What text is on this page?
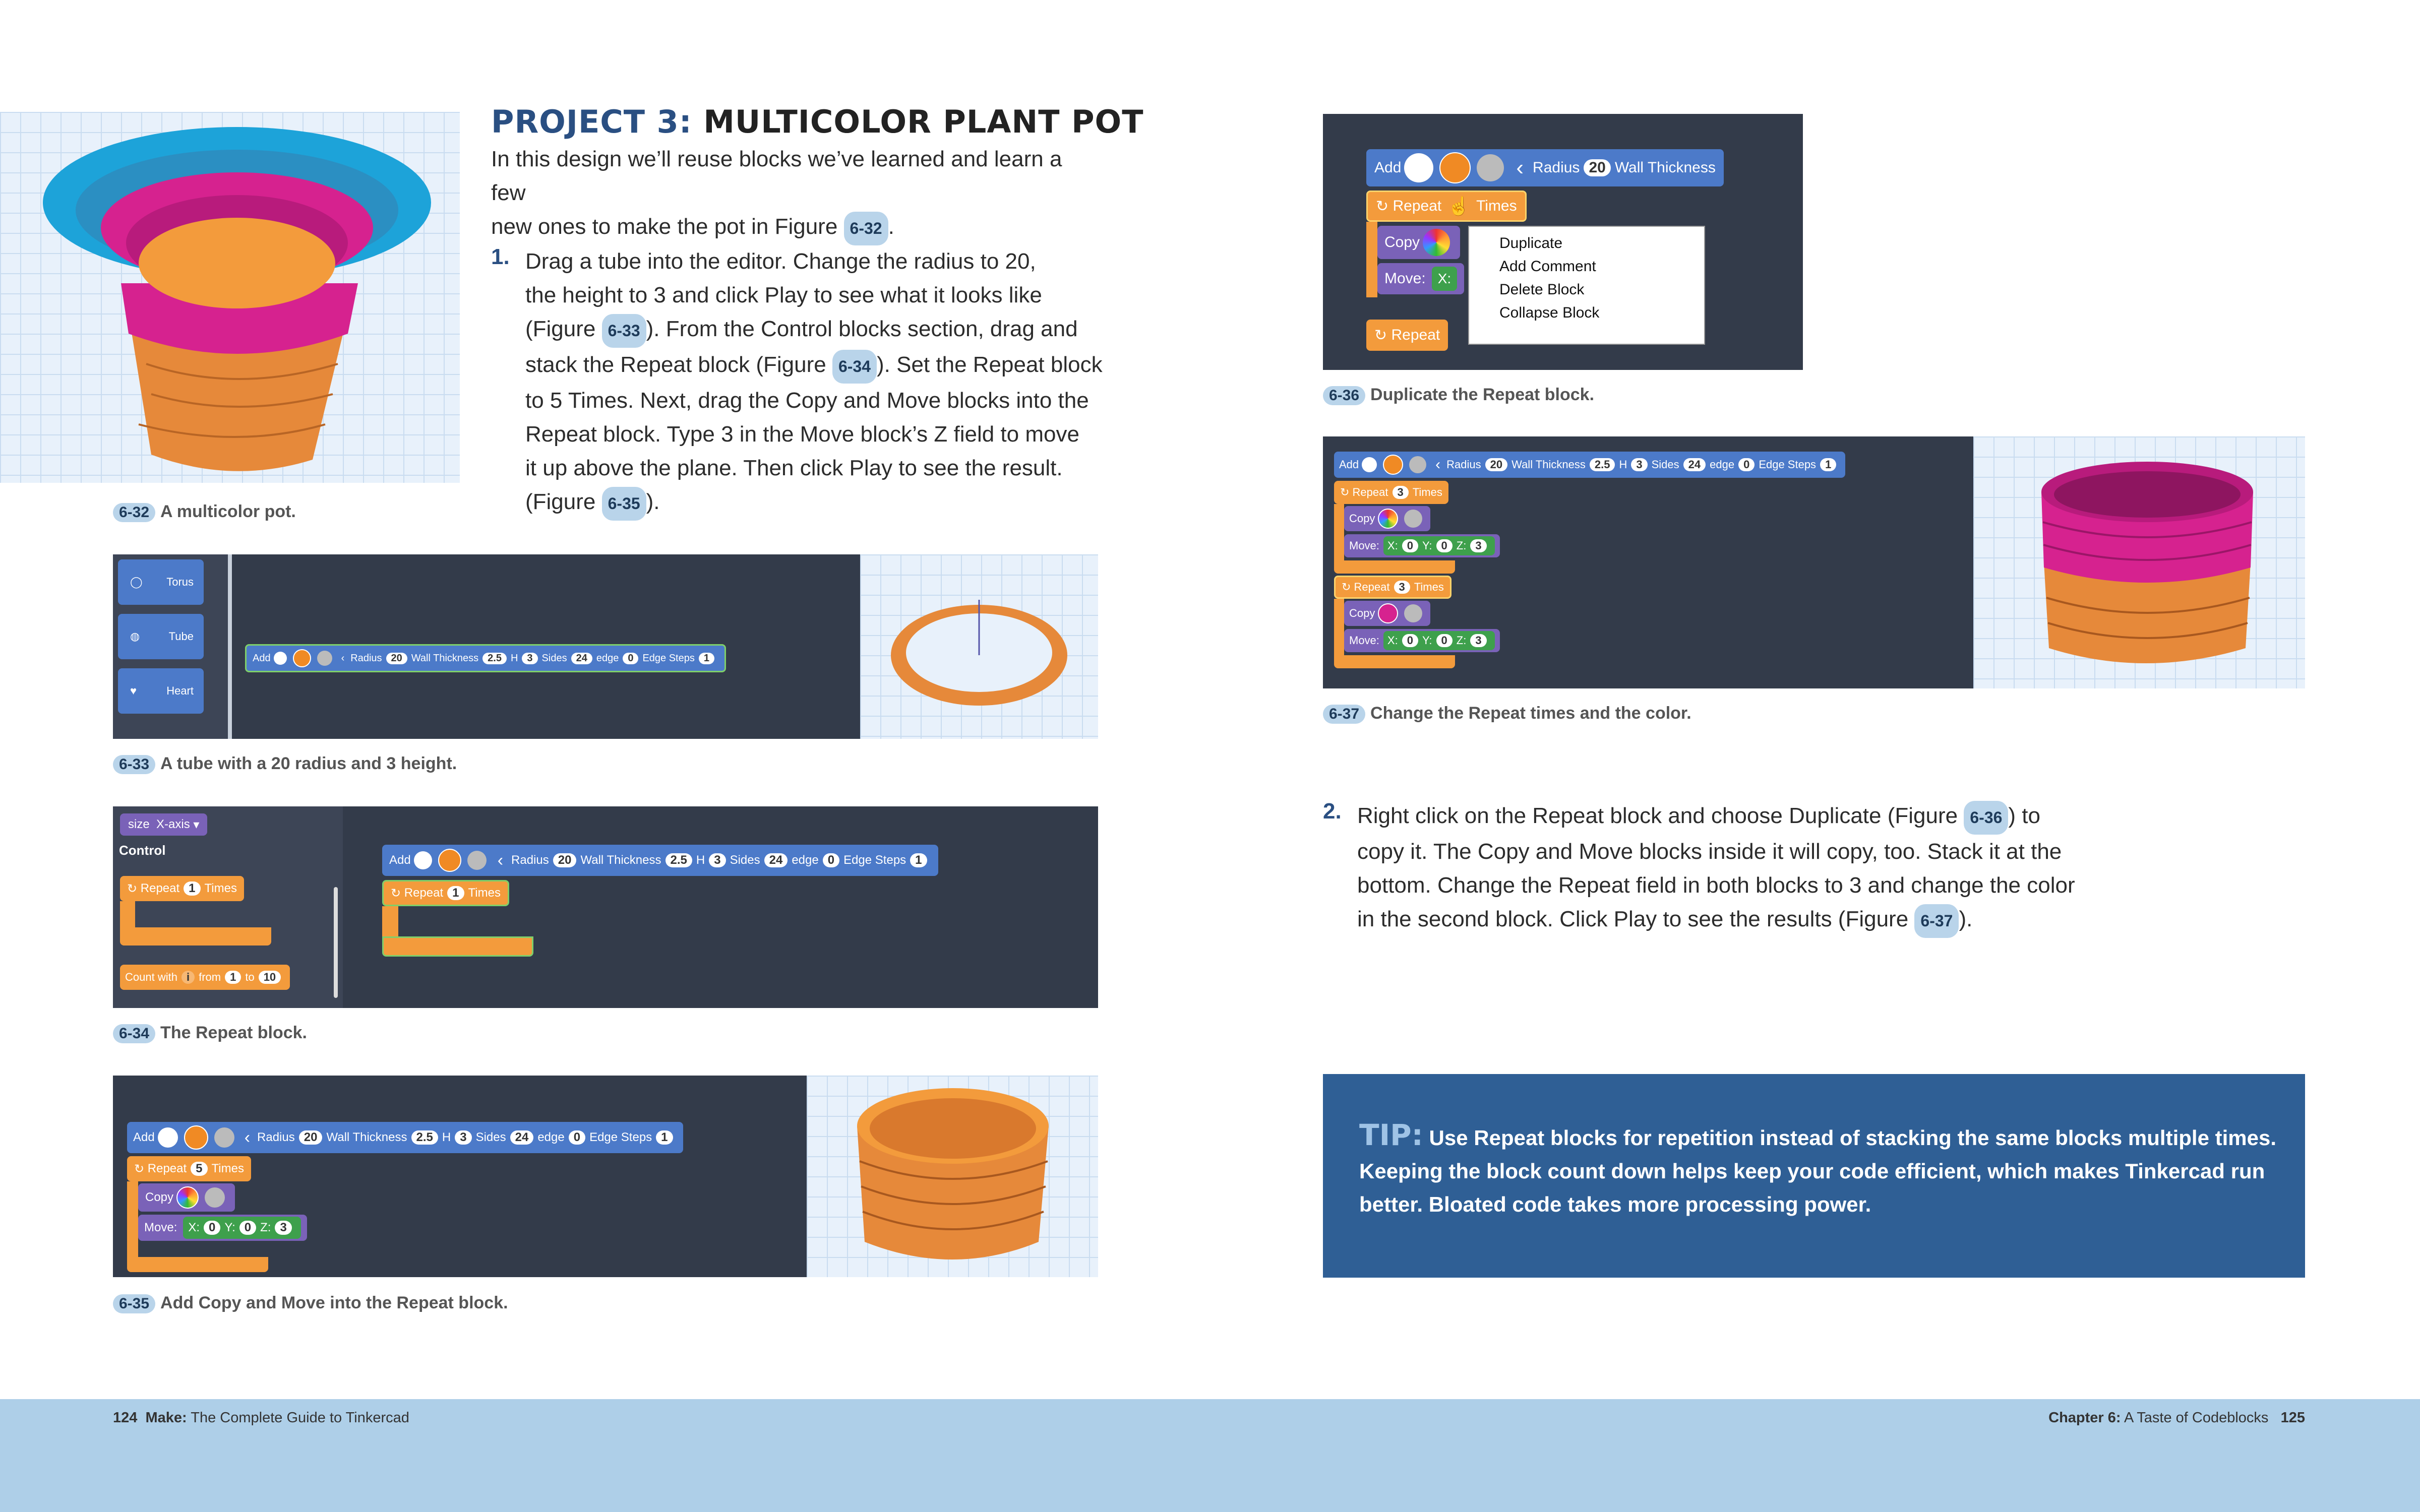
6-32 A multicolor pot.
PROJECT 3: MULTICOLOR PLANT POT
In this design we’ll reuse blocks we’ve learned and learn a few
new ones to make the pot in Figure 6-32 .
1. Drag a tube into the editor. Change the radius to 20,
the height to 3 and click Play to see what it looks like
(Figure 6-33 ). From the Control blocks section, drag and
stack the Repeat block (Figure 6-34 ). Set the Repeat block
to 5 Times. Next, drag the Copy and Move blocks into the
Repeat block. Type 3 in the Move block’s Z field to move
it up above the plane. Then click Play to see the result.
(Figure 6-35 ).
◯ Torus
◍	Tube
♥	Heart
Add	‹ Radius 20 Wall Thickness 2.5 H 3 Sides 24 edge 0 Edge Steps 1
6-33 A tube with a 20 radius and 3 height.
size
X-axis ▾
Control
↻ Repeat 1 Times
Count with i from 1 to 10
Add	‹ Radius 20 Wall Thickness 2.5 H 3 Sides 24 edge 0 Edge Steps 1
↻ Repeat 1 Times
6-34 The Repeat block.
Add	‹ Radius 20 Wall Thickness 2.5 H 3 Sides 24 edge 0 Edge Steps 1
↻ Repeat 5 Times
Copy
Move: X: 0 Y: 0 Z: 3
6-35 Add Copy and Move into the Repeat block.
Add	‹ Radius 20 Wall Thickness
↻ Repeat ☝ Times
Copy
Move: X:
↻ Repeat
Duplicate
Add Comment
Delete Block
Collapse Block
6-36 Duplicate the Repeat block.
Add	‹ Radius 20 Wall Thickness 2.5 H 3 Sides 24 edge 0 Edge Steps 1
↻ Repeat 3 Times
Copy
Move: X: 0 Y: 0 Z: 3
↻ Repeat 3 Times
Copy
Move: X: 0 Y: 0 Z: 3
6-37 Change the Repeat times and the color.
2. Right click on the Repeat block and choose Duplicate (Figure 6-36 ) to
copy it. The Copy and Move blocks inside it will copy, too. Stack it at the
bottom. Change the Repeat field in both blocks to 3 and change the color
in the second block. Click Play to see the results (Figure 6-37 ).
TIP: Use Repeat blocks for repetition instead of stacking the same blocks multiple times. Keeping the block count down helps keep your code efficient, which makes Tinkercad run better. Bloated code takes more processing power.
124 Make: The Complete Guide to Tinkercad	Chapter 6: A Taste of Codeblocks 125
